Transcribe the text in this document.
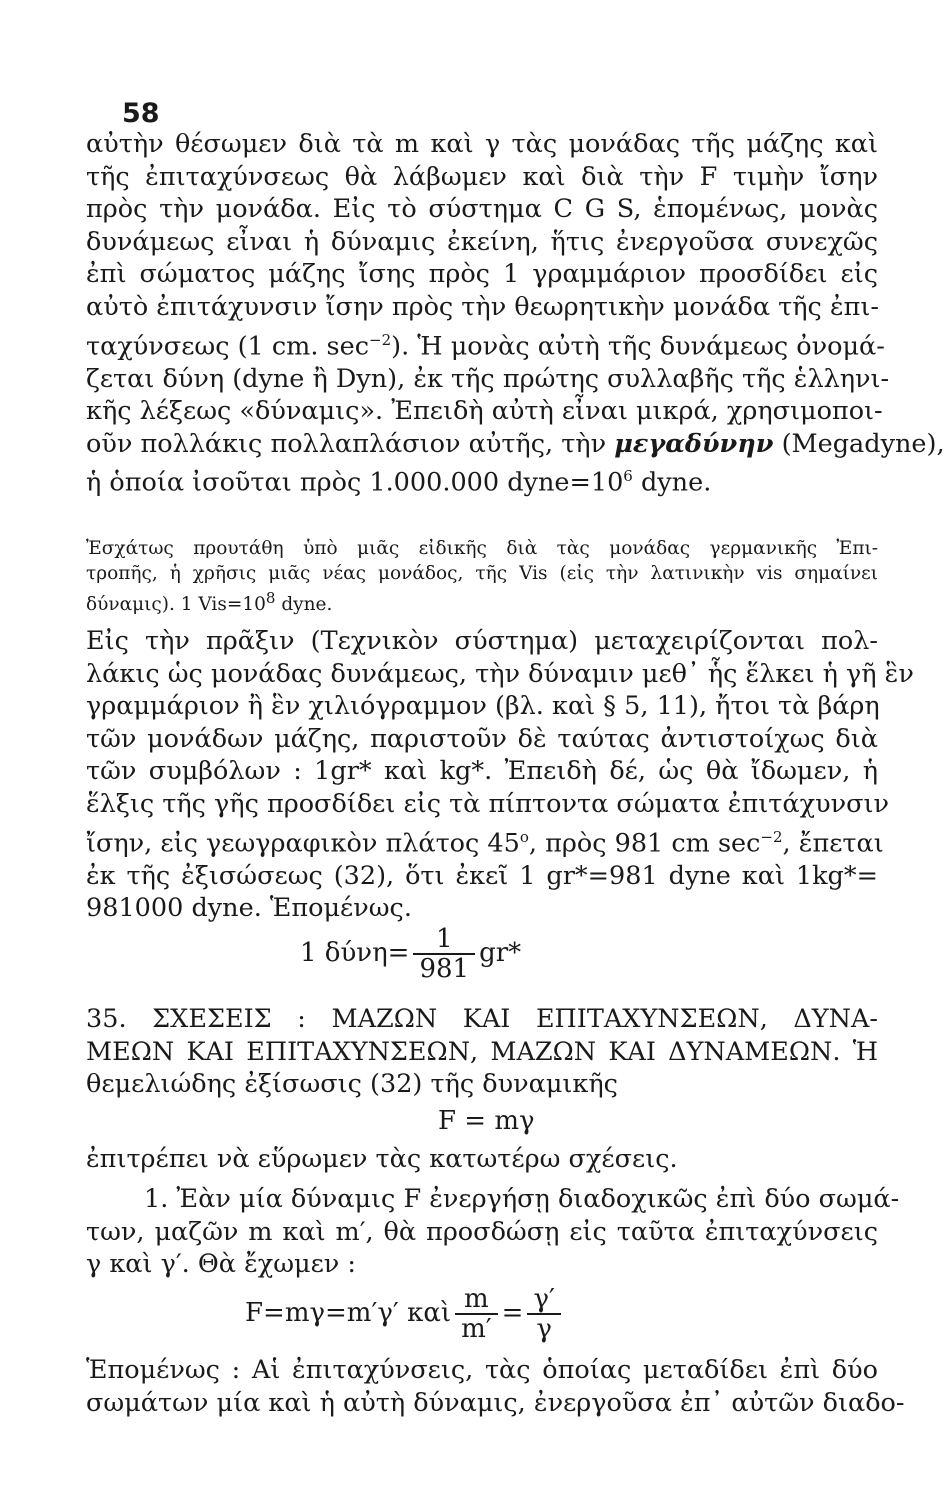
58
αὐτὴν θέσωμεν διὰ τὰ m καὶ γ τὰς μονάδας τῆς μάζης καὶ
τῆς ἐπιταχύνσεως θὰ λάβωμεν καὶ διὰ τὴν F τιμὴν ἴσην
πρὸς τὴν μονάδα. Εἰς τὸ σύστημα C G S, ἑπομένως, μονὰς
δυνάμεως εἶναι ἡ δύναμις ἐκείνη, ἥτις ἐνεργοῦσα συνεχῶς
ἐπὶ σώματος μάζης ἴσης πρὸς 1 γραμμάριον προσδίδει εἰς
αὐτὸ ἐπιτάχυνσιν ἴσην πρὸς τὴν θεωρητικὴν μονάδα τῆς ἐπι-
ταχύνσεως (1 cm. $\sec^{-2}$). Ἡ μονὰς αὐτὴ τῆς δυνάμεως ὀνομά-
ζεται δύνη (dyne ἢ Dyn), ἐκ τῆς πρώτης συλλαβῆς τῆς ἑλληνι-
κῆς λέξεως «δύναμις». Ἐπειδὴ αὐτὴ εἶναι μικρά, χρησιμοποι-
οῦν πολλάκις πολλαπλάσιον αὐτῆς, τὴν μεγαδύνην (Megadyne),
ἡ ὁποία ἰσοῦται πρὸς 1.000.000 $dyne=10^6$ dyne.
Ἐσχάτως προυτάθη ὑπὸ μιᾶς εἰδικῆς διὰ τὰς μονάδας γερμανικῆς Ἐπι-
τροπῆς, ἡ χρῆσις μιᾶς νέας μονάδος, τῆς Vis (εἰς τὴν λατινικὴν vis σημαίνει
δύναμις). 1 $Vis=10^8$ dyne.
Εἰς τὴν πρᾶξιν (Τεχνικὸν σύστημα) μεταχειρίζονται πολ-
λάκις ὡς μονάδας δυνάμεως, τὴν δύναμιν μεθ᾽ ἧς ἕλκει ἡ γῆ ἓν
γραμμάριον ἢ ἓν χιλιόγραμμον (βλ. καὶ § 5, 11), ἤτοι τὰ βάρη
τῶν μονάδων μάζης, παριστοῦν δὲ ταύτας ἀντιστοίχως διὰ
τῶν συμβόλων : 1gr* καὶ kg*. Ἐπειδὴ δέ, ὡς θὰ ἴδωμεν, ἡ
ἕλξις τῆς γῆς προσδίδει εἰς τὰ πίπτοντα σώματα ἐπιτάχυνσιν
ἴσην, εἰς γεωγραφικὸν πλάτος 45$^o$, πρὸς 981 cm $\sec^{-2}$, ἔπεται
ἐκ τῆς ἐξισώσεως (32), ὅτι ἐκεῖ 1 gr*=981 dyne καὶ 1kg*=
981000 dyne. Ἑπομένως.
1 $\delta ύ\nu\eta= \frac{1}{981} gr*$
35. ΣΧΕΣΕΙΣ : ΜΑΖΩΝ ΚΑΙ ΕΠΙΤΑΧΥΝΣΕΩΝ, ΔΥΝΑ-
ΜΕΩΝ ΚΑΙ ΕΠΙΤΑΧΥΝΣΕΩΝ, ΜΑΖΩΝ ΚΑΙ ΔΥΝΑΜΕΩΝ. Ἡ
θεμελιώδης ἐξίσωσις (32) τῆς δυναμικῆς
F = mγ
ἐπιτρέπει νὰ εὕρωμεν τὰς κατωτέρω σχέσεις.
1. Ἐὰν μία δύναμις F ἐνεργήσῃ διαδοχικῶς ἐπὶ δύο σωμά-
των, μαζῶν m καὶ m′, θὰ προσδώσῃ εἰς ταῦτα ἐπιταχύνσεις
γ καὶ γ′. Θὰ ἔχωμεν :
F=mγ=m′γ′ καὶ $\frac{m}{m'} = \frac{\gamma'}{\gamma}$
Ἑπομένως : Αἱ ἐπιταχύνσεις, τὰς ὁποίας μεταδίδει ἐπὶ δύο
σωμάτων μία καὶ ἡ αὐτὴ δύναμις, ἐνεργοῦσα ἐπ᾽ αὐτῶν διαδο-
